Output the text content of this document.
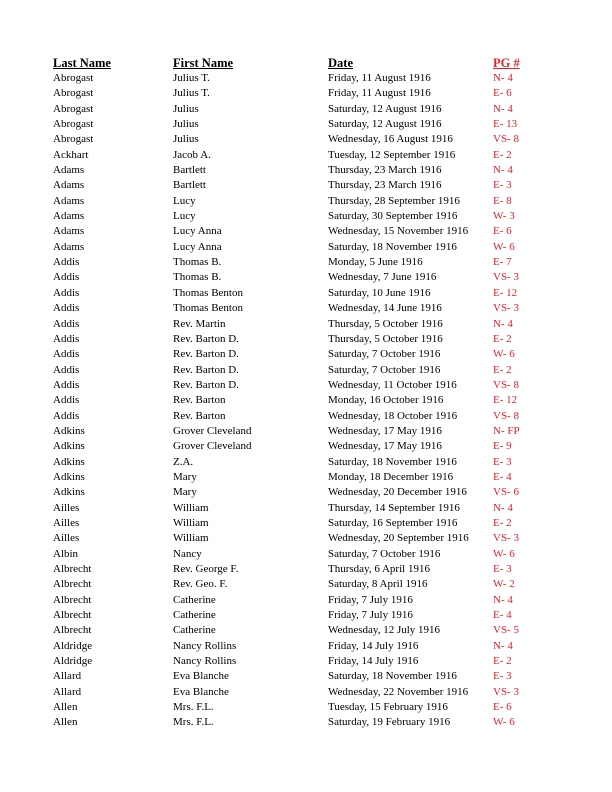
Last Name	First Name	Date	PG #
Abrogast	Julius T.	Friday, 11 August 1916	N- 4
Abrogast	Julius T.	Friday, 11 August 1916	E- 6
Abrogast	Julius	Saturday, 12 August 1916	N- 4
Abrogast	Julius	Saturday, 12 August 1916	E- 13
Abrogast	Julius	Wednesday, 16 August 1916	VS- 8
Ackhart	Jacob A.	Tuesday, 12 September 1916	E- 2
Adams	Bartlett	Thursday, 23 March 1916	N- 4
Adams	Bartlett	Thursday, 23 March 1916	E- 3
Adams	Lucy	Thursday, 28 September 1916	E- 8
Adams	Lucy	Saturday, 30 September 1916	W- 3
Adams	Lucy Anna	Wednesday, 15 November 1916	E- 6
Adams	Lucy Anna	Saturday, 18 November 1916	W- 6
Addis	Thomas B.	Monday, 5 June 1916	E- 7
Addis	Thomas B.	Wednesday, 7 June 1916	VS- 3
Addis	Thomas Benton	Saturday, 10 June 1916	E- 12
Addis	Thomas Benton	Wednesday, 14 June 1916	VS- 3
Addis	Rev. Martin	Thursday, 5 October 1916	N- 4
Addis	Rev. Barton D.	Thursday, 5 October 1916	E- 2
Addis	Rev. Barton D.	Saturday, 7 October 1916	W- 6
Addis	Rev. Barton D.	Saturday, 7 October 1916	E- 2
Addis	Rev. Barton D.	Wednesday, 11 October 1916	VS- 8
Addis	Rev. Barton	Monday, 16 October 1916	E- 12
Addis	Rev. Barton	Wednesday, 18 October 1916	VS- 8
Adkins	Grover Cleveland	Wednesday, 17 May 1916	N- FP
Adkins	Grover Cleveland	Wednesday, 17 May 1916	E- 9
Adkins	Z.A.	Saturday, 18 November 1916	E- 3
Adkins	Mary	Monday, 18 December 1916	E- 4
Adkins	Mary	Wednesday, 20 December 1916	VS- 6
Ailles	William	Thursday, 14 September 1916	N- 4
Ailles	William	Saturday, 16 September 1916	E- 2
Ailles	William	Wednesday, 20 September 1916	VS- 3
Albin	Nancy	Saturday, 7 October 1916	W- 6
Albrecht	Rev. George F.	Thursday, 6 April 1916	E- 3
Albrecht	Rev. Geo. F.	Saturday, 8 April 1916	W- 2
Albrecht	Catherine	Friday, 7 July 1916	N- 4
Albrecht	Catherine	Friday, 7 July 1916	E- 4
Albrecht	Catherine	Wednesday, 12 July 1916	VS- 5
Aldridge	Nancy Rollins	Friday, 14 July 1916	N- 4
Aldridge	Nancy Rollins	Friday, 14 July 1916	E- 2
Allard	Eva Blanche	Saturday, 18 November 1916	E- 3
Allard	Eva Blanche	Wednesday, 22 November 1916	VS- 3
Allen	Mrs. F.L.	Tuesday, 15 February 1916	E- 6
Allen	Mrs. F.L.	Saturday, 19 February 1916	W- 6
